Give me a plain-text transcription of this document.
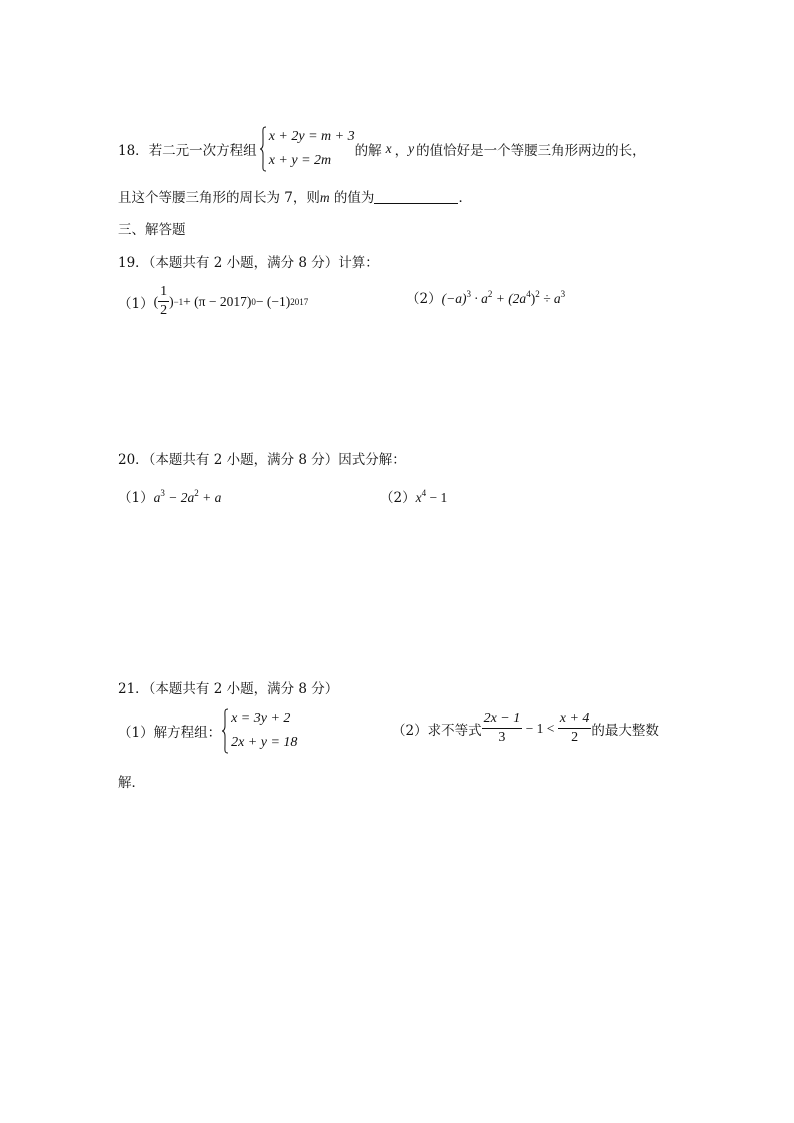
18． 若二元一次方程组
x + 2y = m + 3
x + y = 2m
的解 x ， y 的值恰好是一个等腰三角形两边的长，
且这个等腰三角形的周长为 7，则m 的值为	．
三、解答题
19．（本题共有 2 小题，满分 8 分）计算：
（1） ( $\frac{1}{2}$ ) −1 + (π − 2017) 0 − (−1) 2017	$(2)(-a)^3 \cdot a^2 + (2a^4)^2 \div a^3$
20．（本题共有 2 小题，满分 8 分）因式分解：
$(1)a^3 - 2a^2 + a$	$(2)x^4 - 1$
21．（本题共有 2 小题，满分 8 分）
（1）解方程组：
x = 3y + 2
2x + y = 18
（2）求不等式 $\frac{2x - 1}{3} - 1 < \frac{x + 4}{2}$ 的最大整数
解．
